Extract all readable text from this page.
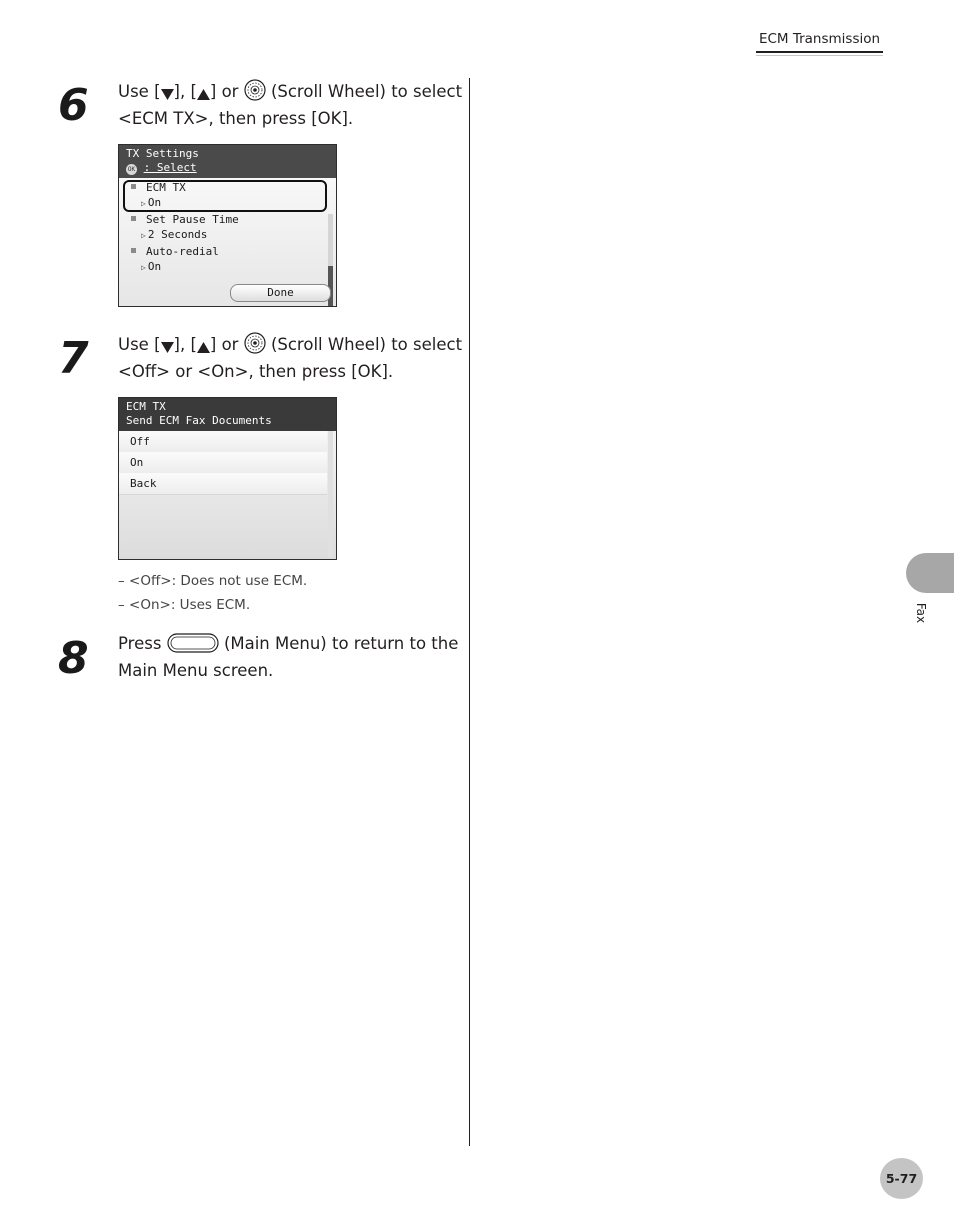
ECM Transmission
6 Use [ ], [ ] or (Scroll Wheel) to select
<ECM TX>, then press [OK].
TX Settings
OK : Select
ECM TX
▷ On
Set Pause Time
▷ 2 Seconds
Auto-redial
▷ On
Done
7 Use [ ], [ ] or (Scroll Wheel) to select
<Off> or <On>, then press [OK].
ECM TX
Send ECM Fax Documents
Off
On
Back
– <Off>: Does not use ECM.
– <On>: Uses ECM.
8 Press	(Main Menu) to return to the
Main Menu screen.
Fax
5-77
